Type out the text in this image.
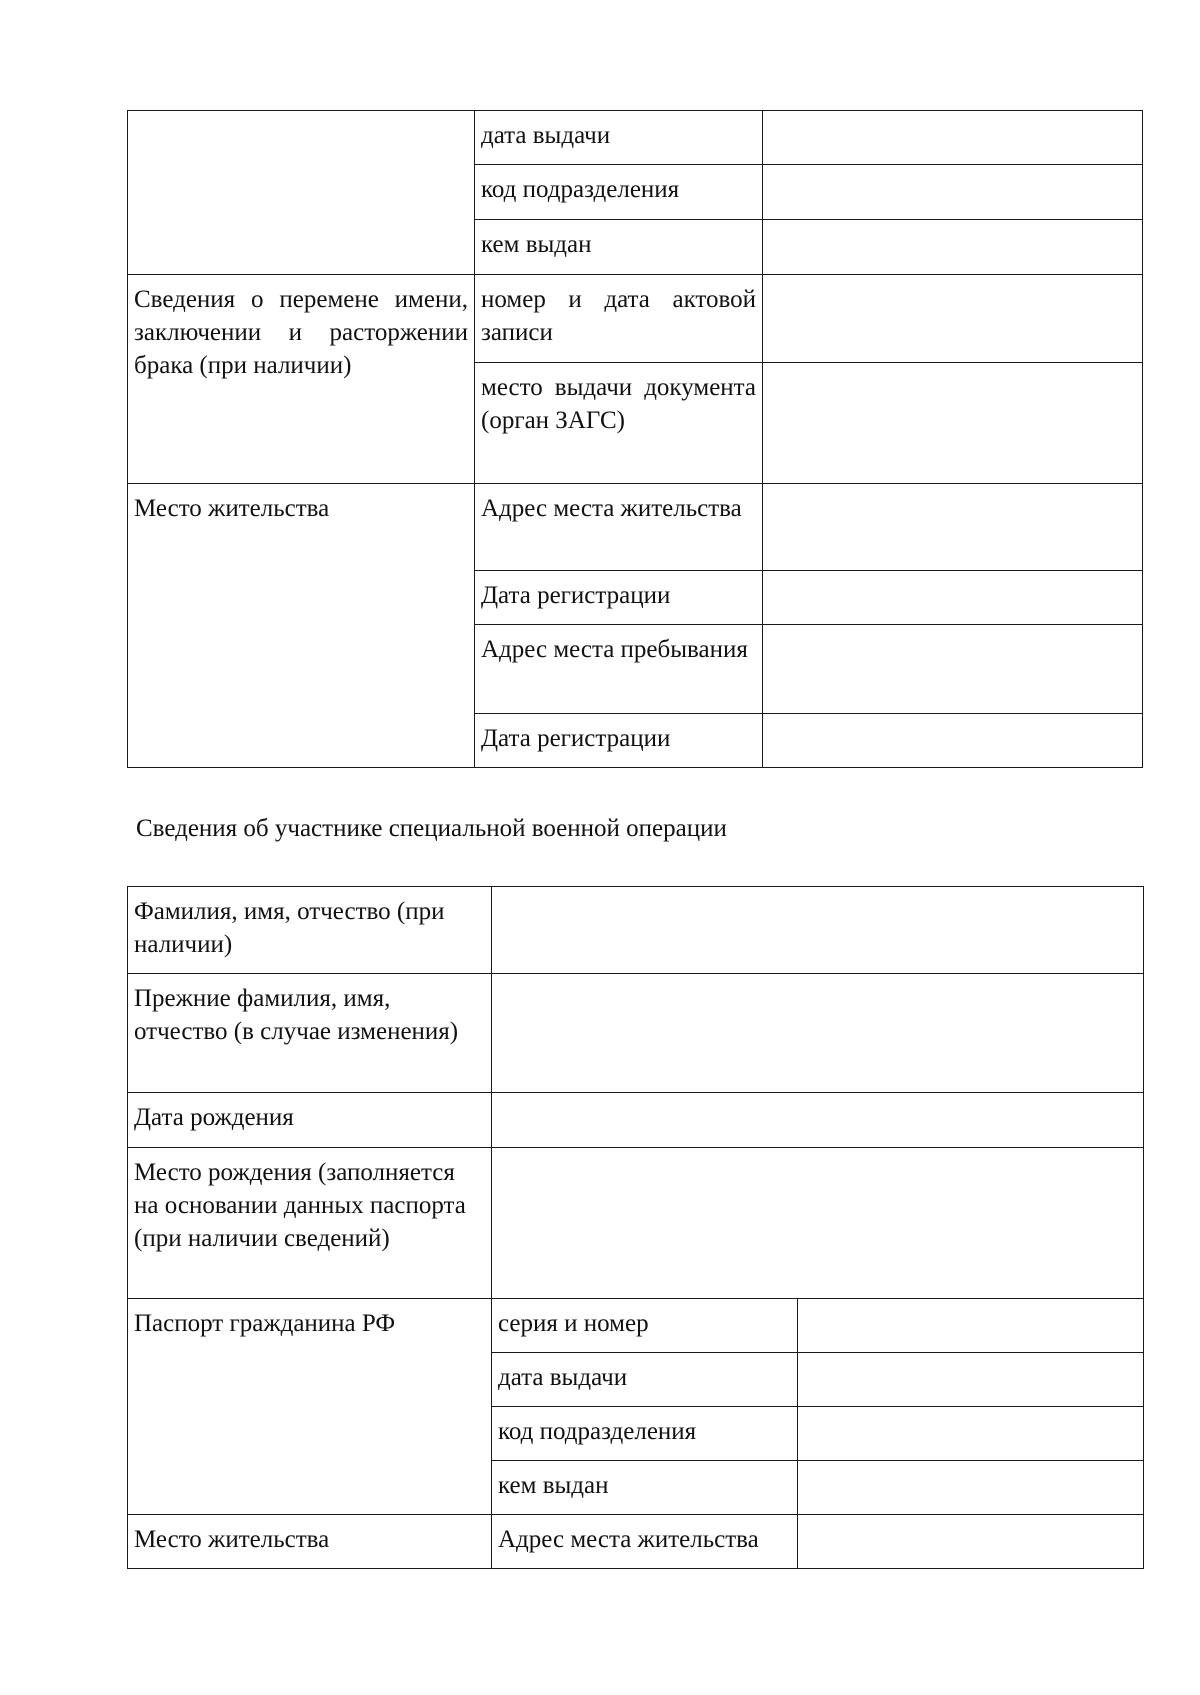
	дата выдачи	
	код подразделения	
	кем выдан	
Сведения о перемене имени, заключении и расторжении брака (при наличии)	номер и дата актовой записи	
	место выдачи документа (орган ЗАГС)	
Место жительства	Адрес места жительства	
	Дата регистрации	
	Адрес места пребывания	
	Дата регистрации	
Сведения об участнике специальной военной операции
Фамилия, имя, отчество (при наличии)		
Прежние фамилия, имя, отчество (в случае изменения)		
Дата рождения		
Место рождения (заполняется на основании данных паспорта (при наличии сведений)		
Паспорт гражданина РФ	серия и номер	
	дата выдачи	
	код подразделения	
	кем выдан	
Место жительства	Адрес места жительства	
